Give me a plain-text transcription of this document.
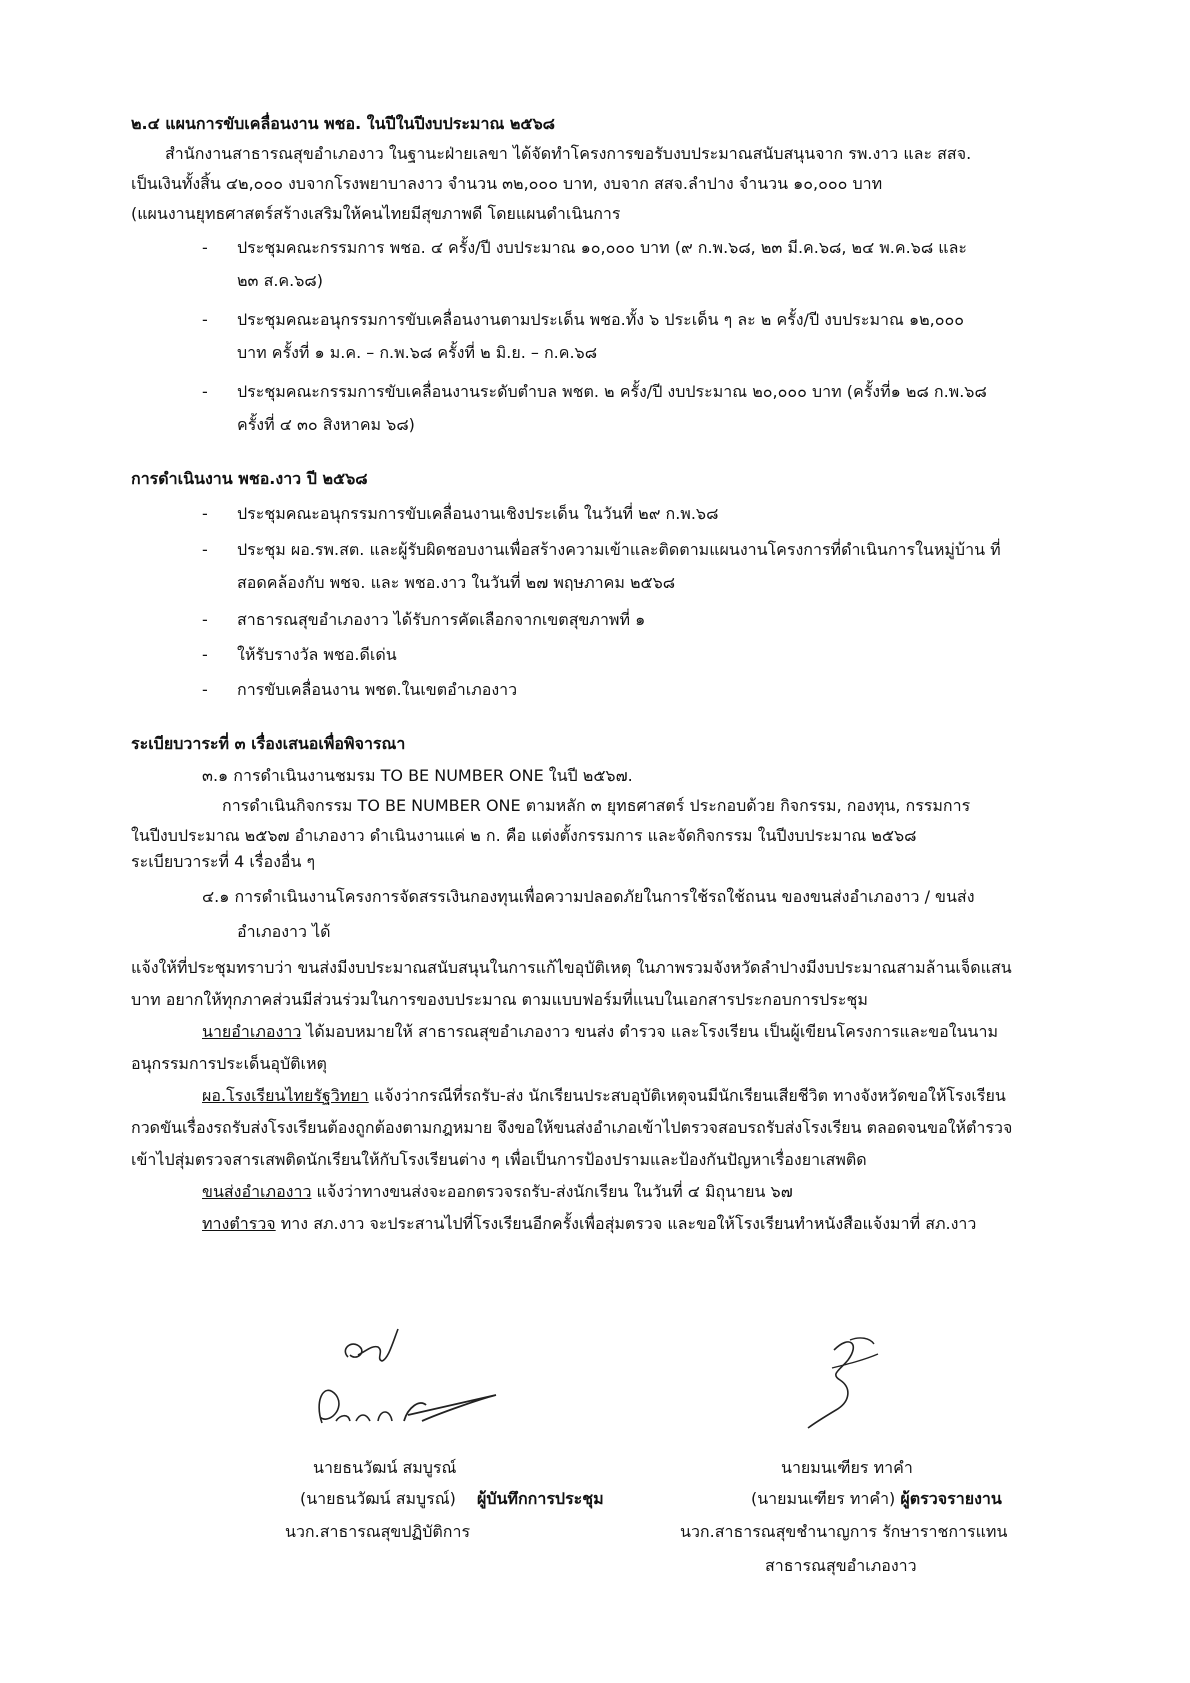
๒.๔ แผนการขับเคลื่อนงาน พชอ. ในปีในปีงบประมาณ ๒๕๖๘
สำนักงานสาธารณสุขอำเภองาว ในฐานะฝ่ายเลขา ได้จัดทำโครงการขอรับงบประมาณสนับสนุนจาก รพ.งาว และ สสจ.
เป็นเงินทั้งสิ้น ๔๒,๐๐๐ งบจากโรงพยาบาลงาว จำนวน ๓๒,๐๐๐ บาท, งบจาก สสจ.ลำปาง จำนวน ๑๐,๐๐๐ บาท
(แผนงานยุทธศาสตร์สร้างเสริมให้คนไทยมีสุขภาพดี โดยแผนดำเนินการ
- ประชุมคณะกรรมการ พชอ. ๔ ครั้ง/ปี งบประมาณ ๑๐,๐๐๐ บาท (๙ ก.พ.๖๘, ๒๓ มี.ค.๖๘, ๒๔ พ.ค.๖๘ และ
๒๓ ส.ค.๖๘)
- ประชุมคณะอนุกรรมการขับเคลื่อนงานตามประเด็น พชอ.ทั้ง ๖ ประเด็น ๆ ละ ๒ ครั้ง/ปี งบประมาณ ๑๒,๐๐๐
บาท ครั้งที่ ๑ ม.ค. – ก.พ.๖๘ ครั้งที่ ๒ มิ.ย. – ก.ค.๖๘
- ประชุมคณะกรรมการขับเคลื่อนงานระดับตำบล พชต. ๒ ครั้ง/ปี งบประมาณ ๒๐,๐๐๐ บาท (ครั้งที่๑ ๒๘ ก.พ.๖๘
ครั้งที่ ๔ ๓๐ สิงหาคม ๖๘)
การดำเนินงาน พชอ.งาว ปี ๒๕๖๘
- ประชุมคณะอนุกรรมการขับเคลื่อนงานเชิงประเด็น ในวันที่ ๒๙ ก.พ.๖๘
- ประชุม ผอ.รพ.สต. และผู้รับผิดชอบงานเพื่อสร้างความเข้าและติดตามแผนงานโครงการที่ดำเนินการในหมู่บ้าน ที่
สอดคล้องกับ พชจ. และ พชอ.งาว ในวันที่ ๒๗ พฤษภาคม ๒๕๖๘
- สาธารณสุขอำเภองาว ได้รับการคัดเลือกจากเขตสุขภาพที่ ๑
- ให้รับรางวัล พชอ.ดีเด่น
- การขับเคลื่อนงาน พชต.ในเขตอำเภองาว
ระเบียบวาระที่ ๓ เรื่องเสนอเพื่อพิจารณา
๓.๑ การดำเนินงานชมรม TO BE NUMBER ONE ในปี ๒๕๖๗.
การดำเนินกิจกรรม TO BE NUMBER ONE ตามหลัก ๓ ยุทธศาสตร์ ประกอบด้วย กิจกรรม, กองทุน, กรรมการ
ในปีงบประมาณ ๒๕๖๗ อำเภองาว ดำเนินงานแค่ ๒ ก. คือ แต่งตั้งกรรมการ และจัดกิจกรรม ในปีงบประมาณ ๒๕๖๘
ระเบียบวาระที่ 4 เรื่องอื่น ๆ
๔.๑ การดำเนินงานโครงการจัดสรรเงินกองทุนเพื่อความปลอดภัยในการใช้รถใช้ถนน ของขนส่งอำเภองาว / ขนส่ง
อำเภองาว ได้
แจ้งให้ที่ประชุมทราบว่า ขนส่งมีงบประมาณสนับสนุนในการแก้ไขอุบัติเหตุ ในภาพรวมจังหวัดลำปางมีงบประมาณสามล้านเจ็ดแสน
บาท อยากให้ทุกภาคส่วนมีส่วนร่วมในการของบประมาณ ตามแบบฟอร์มที่แนบในเอกสารประกอบการประชุม
นายอำเภองาว ได้มอบหมายให้ สาธารณสุขอำเภองาว ขนส่ง ตำรวจ และโรงเรียน เป็นผู้เขียนโครงการและขอในนาม
อนุกรรมการประเด็นอุบัติเหตุ
ผอ.โรงเรียนไทยรัฐวิทยา แจ้งว่ากรณีที่รถรับ-ส่ง นักเรียนประสบอุบัติเหตุจนมีนักเรียนเสียชีวิต ทางจังหวัดขอให้โรงเรียน
กวดขันเรื่องรถรับส่งโรงเรียนต้องถูกต้องตามกฎหมาย จึงขอให้ขนส่งอำเภอเข้าไปตรวจสอบรถรับส่งโรงเรียน ตลอดจนขอให้ตำรวจ
เข้าไปสุ่มตรวจสารเสพติดนักเรียนให้กับโรงเรียนต่าง ๆ เพื่อเป็นการป้องปรามและป้องกันปัญหาเรื่องยาเสพติด
ขนส่งอำเภองาว แจ้งว่าทางขนส่งจะออกตรวจรถรับ-ส่งนักเรียน ในวันที่ ๔ มิถุนายน ๖๗
ทางตำรวจ ทาง สภ.งาว จะประสานไปที่โรงเรียนอีกครั้งเพื่อสุ่มตรวจ และขอให้โรงเรียนทำหนังสือแจ้งมาที่ สภ.งาว
นายธนวัฒน์ สมบูรณ์
(นายธนวัฒน์ สมบูรณ์) ผู้บันทึกการประชุม
นวก.สาธารณสุขปฏิบัติการ
นายมนเฑียร ทาคำ
(นายมนเฑียร ทาคำ) ผู้ตรวจรายงาน
นวก.สาธารณสุขชำนาญการ รักษาราชการแทน
สาธารณสุขอำเภองาว
